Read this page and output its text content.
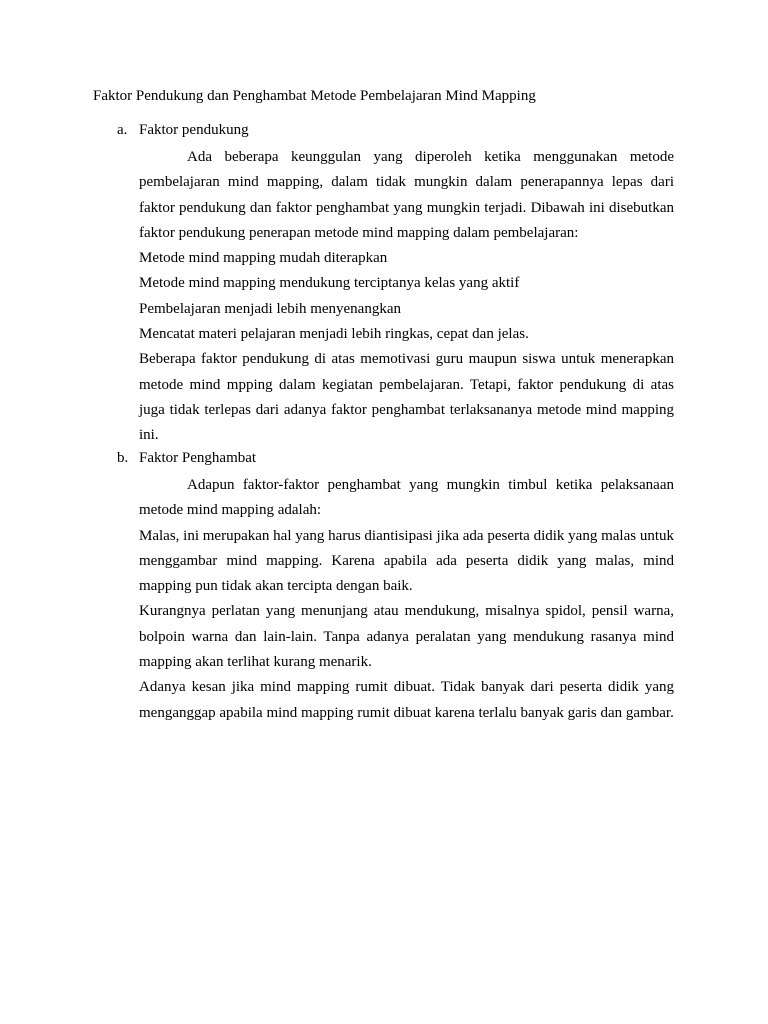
Faktor Pendukung dan Penghambat Metode Pembelajaran Mind Mapping
a. Faktor pendukung

Ada beberapa keunggulan yang diperoleh ketika menggunakan metode pembelajaran mind mapping, dalam tidak mungkin dalam penerapannya lepas dari faktor pendukung dan faktor penghambat yang mungkin terjadi. Dibawah ini disebutkan faktor pendukung penerapan metode mind mapping dalam pembelajaran:

Metode mind mapping mudah diterapkan

Metode mind mapping mendukung terciptanya kelas yang aktif

Pembelajaran menjadi lebih menyenangkan

Mencatat materi pelajaran menjadi lebih ringkas, cepat dan jelas.

Beberapa faktor pendukung di atas memotivasi guru maupun siswa untuk menerapkan metode mind mpping dalam kegiatan pembelajaran. Tetapi, faktor pendukung di atas juga tidak terlepas dari adanya faktor penghambat terlaksananya metode mind mapping ini.

b. Faktor Penghambat

Adapun faktor-faktor penghambat yang mungkin timbul ketika pelaksanaan metode mind mapping adalah:

Malas, ini merupakan hal yang harus diantisipasi jika ada peserta didik yang malas untuk menggambar mind mapping. Karena apabila ada peserta didik yang malas, mind mapping pun tidak akan tercipta dengan baik.

Kurangnya perlatan yang menunjang atau mendukung, misalnya spidol, pensil warna, bolpoin warna dan lain-lain. Tanpa adanya peralatan yang mendukung rasanya mind mapping akan terlihat kurang menarik.

Adanya kesan jika mind mapping rumit dibuat. Tidak banyak dari peserta didik yang menganggap apabila mind mapping rumit dibuat karena terlalu banyak garis dan gambar.
